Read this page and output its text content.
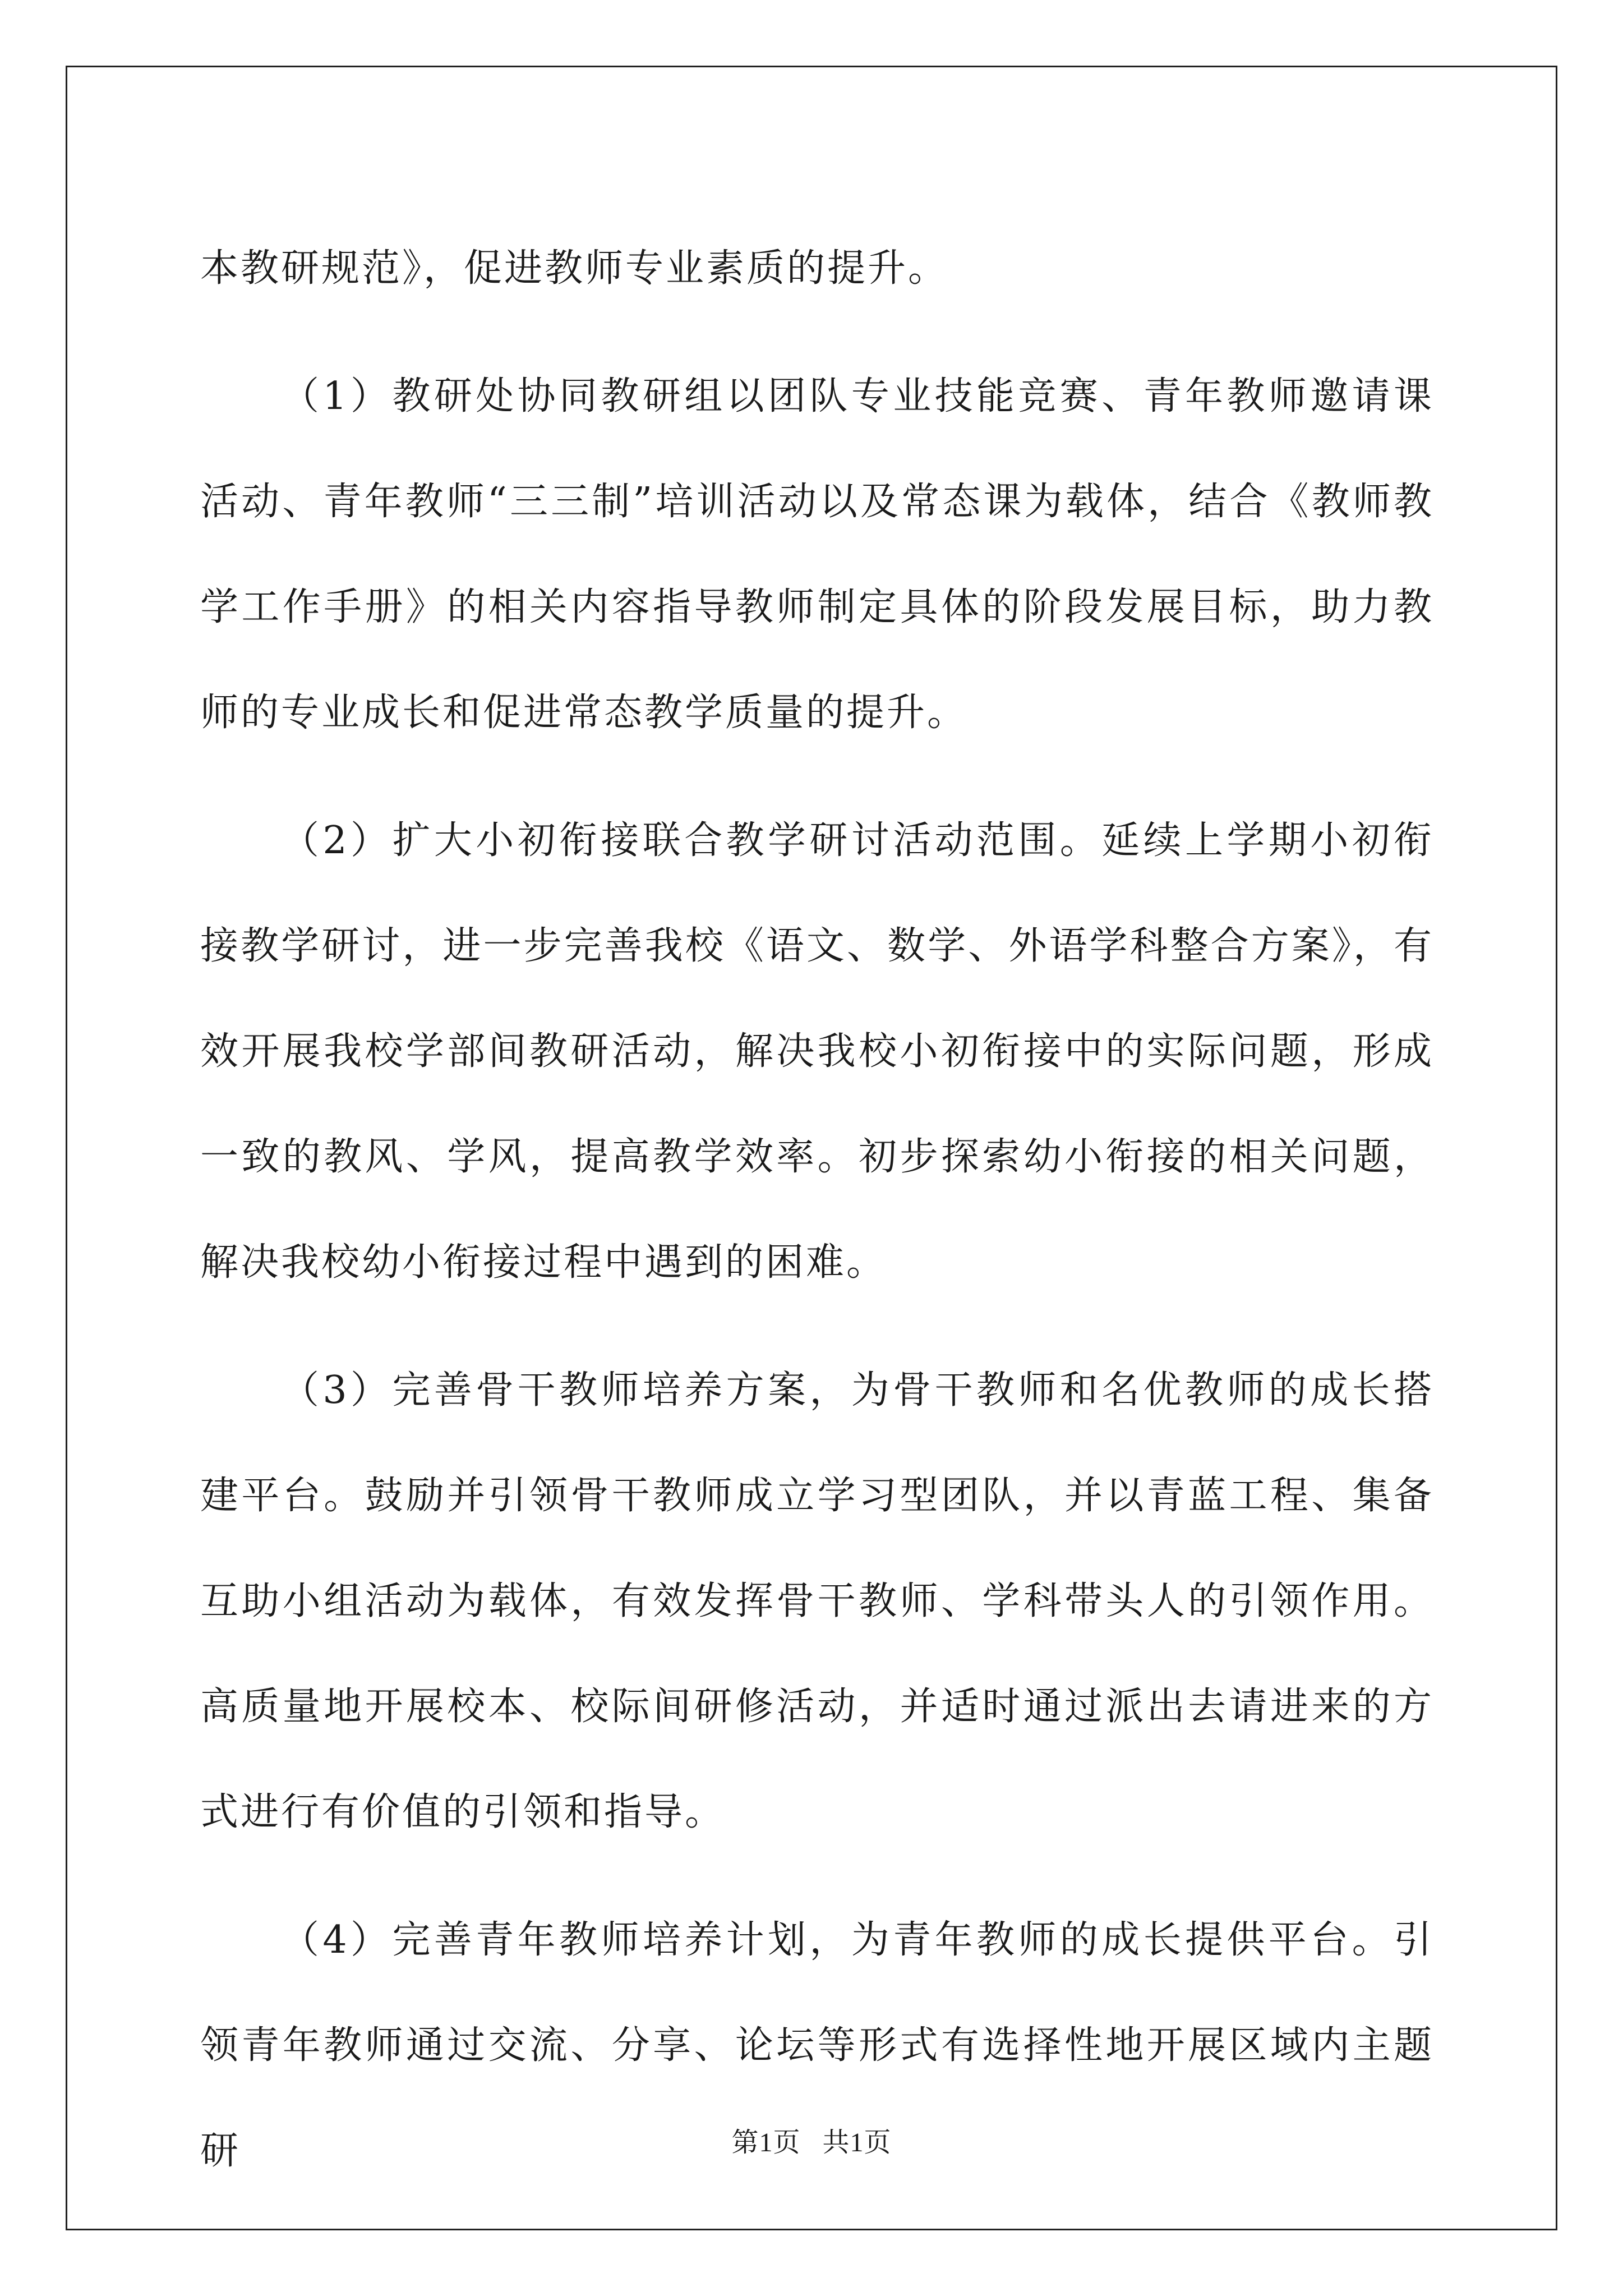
本教研规范》，促进教师专业素质的提升。

（1）教研处协同教研组以团队专业技能竞赛、青年教师邀请课活动、青年教师“三三制”培训活动以及常态课为载体，结合《教师教学工作手册》的相关内容指导教师制定具体的阶段发展目标，助力教师的专业成长和促进常态教学质量的提升。

（2）扩大小初衔接联合教学研讨活动范围。延续上学期小初衔接教学研讨，进一步完善我校《语文、数学、外语学科整合方案》，有效开展我校学部间教研活动，解决我校小初衔接中的实际问题，形成一致的教风、学风，提高教学效率。初步探索幼小衔接的相关问题，解决我校幼小衔接过程中遇到的困难。

（3）完善骨干教师培养方案，为骨干教师和名优教师的成长搭建平台。鼓励并引领骨干教师成立学习型团队，并以青蓝工程、集备互助小组活动为载体，有效发挥骨干教师、学科带头人的引领作用。高质量地开展校本、校际间研修活动，并适时通过派出去请进来的方式进行有价值的引领和指导。

（4）完善青年教师培养计划，为青年教师的成长提供平台。引领青年教师通过交流、分享、论坛等形式有选择性地开展区域内主题研	第1页 共1页
